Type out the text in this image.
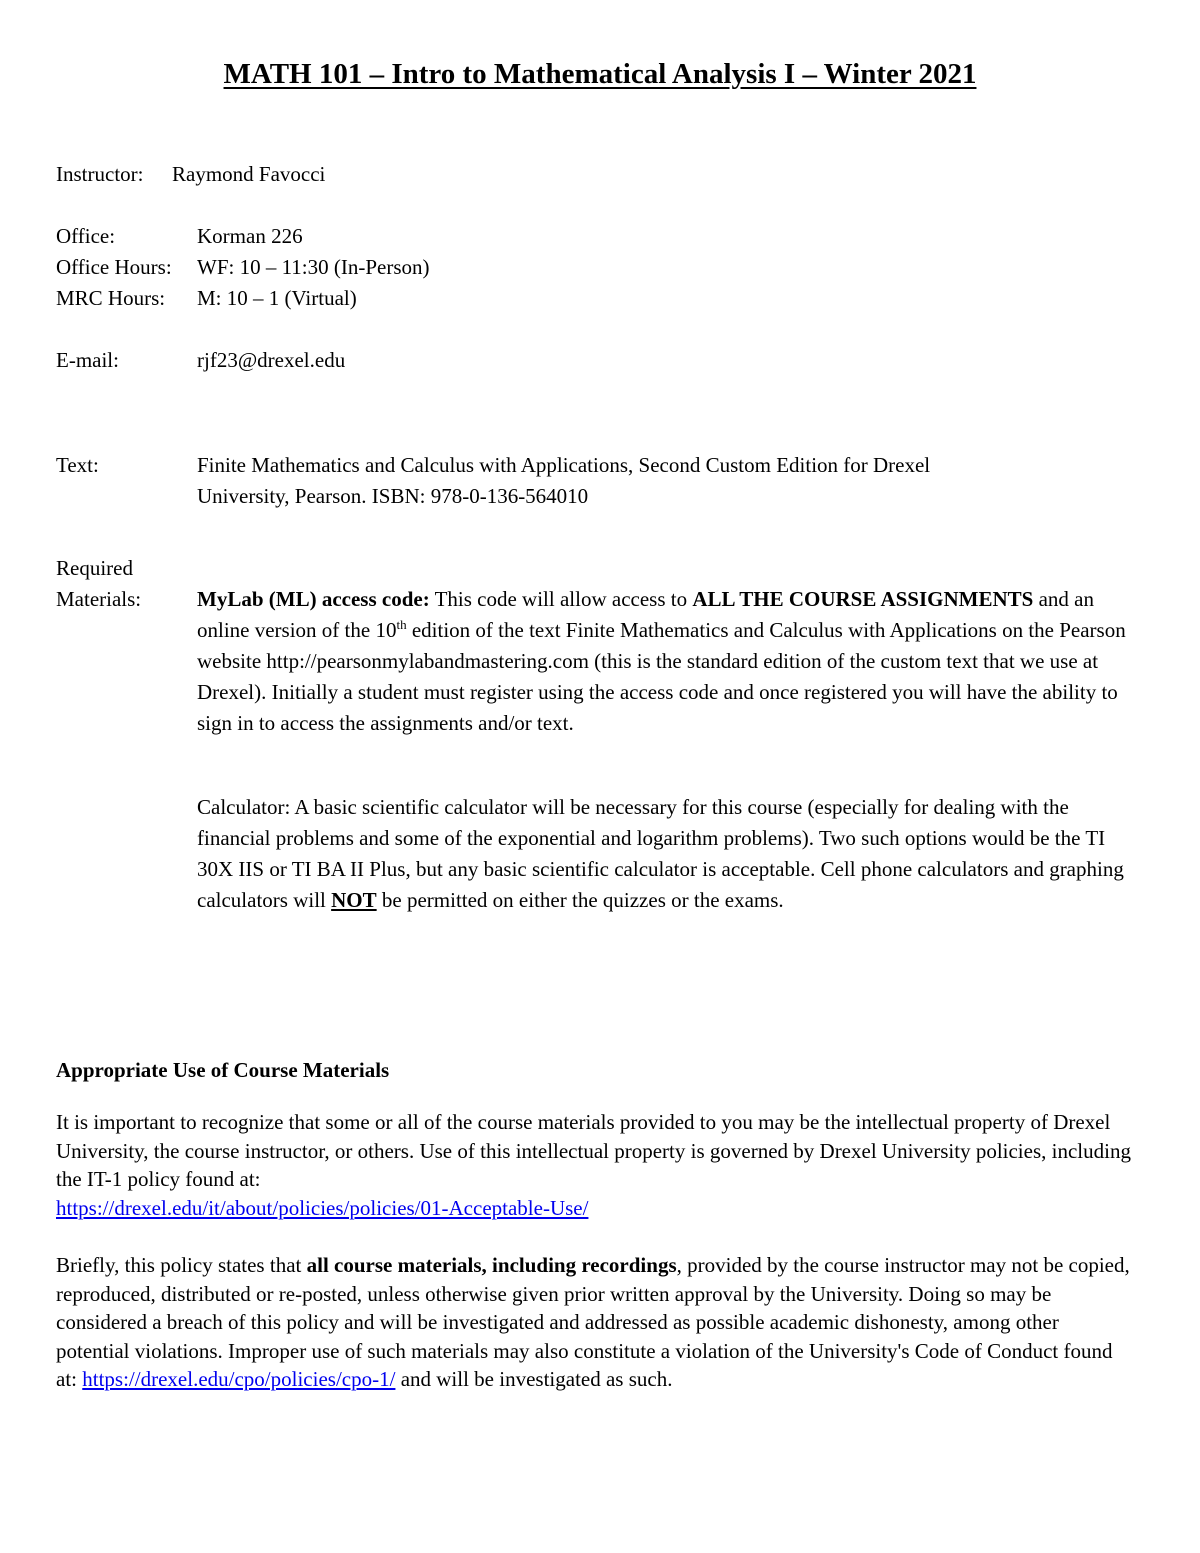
MATH 101 – Intro to Mathematical Analysis I – Winter 2021
Instructor: Raymond Favocci
Office:	Korman 226
Office Hours: WF: 10 – 11:30 (In-Person)
MRC Hours: M: 10 – 1 (Virtual)
E-mail:	rjf23@drexel.edu
Text:	Finite Mathematics and Calculus with Applications, Second Custom Edition for Drexel
University, Pearson. ISBN: 978-0-136-564010
Required
Materials:	MyLab (ML) access code: This code will allow access to ALL THE COURSE ASSIGNMENTS and an online version of the 10th edition of the text Finite Mathematics and Calculus with Applications on the Pearson website http://pearsonmylabandmastering.com (this is the standard edition of the custom text that we use at Drexel). Initially a student must register using the access code and once registered you will have the ability to sign in to access the assignments and/or text.

Calculator: A basic scientific calculator will be necessary for this course (especially for dealing with the financial problems and some of the exponential and logarithm problems). Two such options would be the TI 30X IIS or TI BA II Plus, but any basic scientific calculator is acceptable. Cell phone calculators and graphing calculators will NOT be permitted on either the quizzes or the exams.

Appropriate Use of Course Materials
It is important to recognize that some or all of the course materials provided to you may be the intellectual property of Drexel University, the course instructor, or others. Use of this intellectual property is governed by Drexel University policies, including the IT-1 policy found at:
https://drexel.edu/it/about/policies/policies/01-Acceptable-Use/
Briefly, this policy states that all course materials, including recordings, provided by the course instructor may not be copied, reproduced, distributed or re-posted, unless otherwise given prior written approval by the University. Doing so may be considered a breach of this policy and will be investigated and addressed as possible academic dishonesty, among other potential violations. Improper use of such materials may also constitute a violation of the University's Code of Conduct found at: https://drexel.edu/cpo/policies/cpo-1/ and will be investigated as such.
